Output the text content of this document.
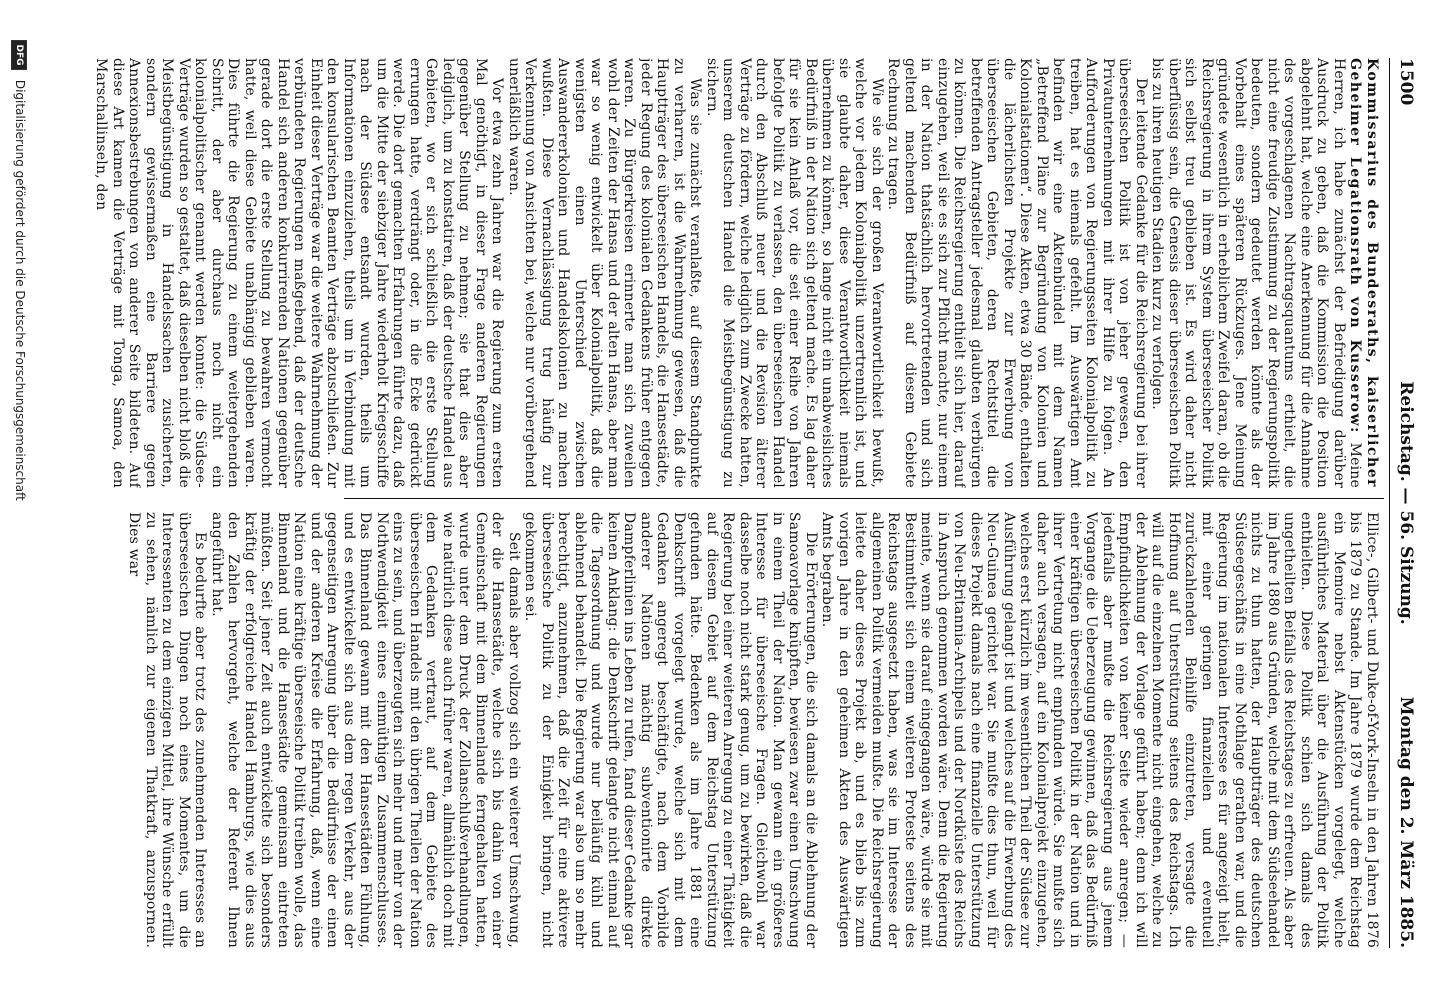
1500
Reichstag. — 56. Sitzung.
Montag den 2. März 1885.

Kommissarius des Bundesraths, kaiserlicher Geheimer Legationsrath von Kusserow: Meine Herren, ich habe zunächst der Befriedigung darüber Ausdruck zu geben, daß die Kommission die Position abgelehnt hat, welche eine Anerkennung für die Annahme des vorgeschlagenen Nachtragsquantums erthielt, die nicht eine freudige Zustimmung zu der Regierungspolitik bedeuten, sondern gedeutet werden könnte als der Vorbehalt eines späteren Rückzuges. Jene Meinung gründete wesentlich in erheblichem Zweifel daran, ob die Reichsregierung in ihrem System überseeischer Politik sich selbst treu geblieben ist. Es wird daher nicht überflüssig sein, die Genesis dieser überseeischen Politik bis zu ihren heutigen Stadien kurz zu verfolgen.

Der leitende Gedanke für die Reichsregierung bei ihrer überseeischen Politik ist von jeher gewesen, den Privatunternehmungen mit ihrer Hilfe zu folgen. An Aufforderungen von Regierungsseiten Kolonialpolitik zu treiben, hat es niemals gefehlt. Im Auswärtigen Amt befinden wir eine Aktenbündel mit dem Namen „Betreffend Pläne zur Begründung von Kolonien und Kolonialstationen“. Diese Akten, etwa 30 Bände, enthalten die lächerlichsten Projekte zur Erwerbung von überseeischen Gebieten, deren Rechtstitel die betreffenden Antragsteller jedesmal glaubten verbürgen zu können. Die Reichsregierung enthielt sich hier, darauf einzugehen, weil sie es sich zur Pflicht machte, nur einem in der Nation thatsächlich hervortretenden und sich geltend machenden Bedürfniß auf diesem Gebiete Rechnung zu tragen.

Wie sie sich der großen Verantwortlichkeit bewußt, welche vor jedem Kolonialpolitik unzertrennlich ist, und sie glaubte daher, diese Verantwortlichkeit niemals übernehmen zu können, so lange nicht ein unabweisliches Bedürfniß in der Nation sich geltend mache. Es lag daher für sie kein Anlaß vor, die seit einer Reihe von Jahren befolgte Politik zu verlassen, den überseeischen Handel durch den Abschluß neuer und die Revision älterer Verträge zu fördern, welche lediglich zum Zwecke hatten, unserem deutschen Handel die Meistbegünstigung zu sichern.

Was sie zunächst veranlaßte, auf diesem Standpunkte zu verharren, ist die Wahrnehmung gewesen, daß die Hauptträger des überseeischen Handels, die Hansestädte, jeder Regung des kolonialen Gedankens früher entgegen waren. Zu Bürgerkreisen erinnerte man sich zuweilen wohl der Zeiten der Hansa und der alten Hansa, aber man war so wenig entwickelt über Kolonialpolitik, daß die wenigsten einen Unterschied zwischen Auswandererkolonien und Handelskolonien zu machen wußten. Diese Vernachlässigung trug häufig zur Verkennung von Ansichten bei, welche nur vorübergehend unerläßlich waren.

Vor etwa zehn Jahren war die Regierung zum ersten Mal genöthigt, in dieser Frage anderen Regierungen gegenüber Stellung zu nehmen; sie that dies aber lediglich, um zu konstatiren, daß der deutsche Handel aus Gebieten, wo er sich schließlich die erste Stellung errungen hatte, verdrängt oder, in die Ecke gedrückt werde. Die dort gemachten Erfahrungen führte dazu, daß um die Mitte der siebziger Jahre wiederholt Kriegsschiffe nach der Südsee entsandt wurden, theils um Informationen einzuziehen, theils um in Verbindung mit den konsularischen Beamten Verträge abzuschließen. Zur Einheit dieser Verträge war die weitere Wahrnehmung der verbündeten Regierungen maßgebend, daß der deutsche Handel sich anderen konkurrirenden Nationen gegenüber gerade dort die erste Stellung zu bewahren vermocht hatte, weil diese Gebiete unabhängig geblieben waren. Dies führte die Regierung zu einem weitergehenden Schritt, der aber durchaus noch nicht ein kolonialpolitischer genannt werden konnte: die Südsee-Verträge wurden so gestaltet, daß dieselben nicht bloß die Meistbegünstigung in Handelssachen zusicherten, sondern gewissermaßen eine Barriere gegen Annexionsbestrebungen von anderer Seite bildeten. Auf diese Art kamen die Verträge mit Tonga, Samoa, den Marschallinseln, den

Ellice-, Gilbert- und Duke-of-York-Inseln in den Jahren 1876 bis 1879 zu Stande. Im Jahre 1879 wurde dem Reichstag ein Memoire nebst Aktenstücken vorgelegt, welche ausführliches Material über die Ausführung der Politik enthielten. Diese Politik schien sich damals des ungetheilten Beifalls des Reichstages zu erfreuen. Als aber im Jahre 1880 aus Gründen, welche mit dem Südseehandel nichts zu thun hatten, der Hauptträger des deutschen Südseegeschäfts in eine Nothlage gerathen war, und die Regierung im nationalen Interesse es für angezeigt hielt, mit einer geringen finanziellen und eventuell zurückzahlenden Beihilfe einzutreten, versagte die Hoffnung auf Unterstützung seitens des Reichstags. Ich will auf die einzelnen Momente nicht eingehen, welche zu der Ablehnung der Vorlage geführt haben; denn ich will Empfindlichkeiten von keiner Seite wieder anregen; — jedenfalls aber mußte die Reichsregierung aus jenem Vorgange die Ueberzeugung gewinnen, daß das Bedürfniß einer kräftigen überseeischen Politik in der Nation und in ihrer Vertretung nicht empfunden würde. Sie mußte sich daher auch versagen, auf ein Kolonialprojekt einzugehen, welches erst kürzlich im wesentlichen Theil der Südsee zur Ausführung gelangt ist und welches auf die Erwerbung des Neu-Guinea gerichtet war. Sie mußte dies thun, weil für dieses Projekt damals nach eine finanzielle Unterstützung von Neu-Britannia-Archipels und der Nordküste des Reichs in Anspruch genommen worden wäre. Denn die Regierung meinte, wenn sie darauf eingegangen wäre, würde sie mit Bestimmtheit sich einem weiteren Proteste seitens des Reichstags ausgesetzt haben, was sie im Interesse der allgemeinen Politik vermeiden mußte. Die Reichsregierung leitete daher dieses Projekt ab, und es blieb bis zum vorigen Jahre in den geheimen Akten des Auswärtigen Amts begraben.

Die Erörterungen, die sich damals an die Ablehnung der Samoavorlage knüpften, bewiesen zwar einen Umschwung in einem Theil der Nation. Man gewann ein größeres Interesse für überseeische Fragen. Gleichwohl war dasselbe noch nicht stark genug, um zu bewirken, daß die Regierung bei einer weiteren Anregung zu einer Thätigkeit auf diesem Gebiet auf dem Reichstag Unterstützung gefunden hätte. Bedenken als im Jahre 1881 eine Denkschrift vorgelegt wurde, welche sich mit dem Gedanken angeregt beschäftigte, nach dem Vorbilde anderer Nationen mächtig subventionirte direkte Dampferlinien ins Leben zu rufen, fand dieser Gedanke gar keinen Anklang: die Denkschrift gelangte nicht einmal auf die Tagesordnung und wurde nur beiläufig kühl und ablehnend behandelt. Die Regierung war also um so mehr berechtigt, anzunehmen, daß die Zeit für eine aktivere überseeische Politik zu der Einigkeit bringen, nicht gekommen sei.

Seit damals aber vollzog sich ein weiterer Umschwung, der die Hansestädte, welche sich bis dahin von einer Gemeinschaft mit dem Binnenlande ferngehalten hatten, wurde unter dem Druck der Zollanschlußverhandlungen, wie natürlich diese auch früher waren, allmählich doch mit dem Gedanken vertraut, auf dem Gebiete des überseeischen Handels mit den übrigen Theilen der Nation eins zu sein, und überzeugten sich mehr und mehr von der Nothwendigkeit eines einmüthigen Zusammenschlusses. Das Binnenland gewann mit den Hansestädten Fühlung, und es entwickelte sich aus dem regen Verkehr, aus der gegenseitigen Anregung über die Bedürfnisse der einen und der anderen Kreise die Erfahrung, daß, wenn eine Nation eine kräftige überseeische Politik treiben wolle, das Binnenland und die Hansestädte gemeinsam eintreten müßten. Seit jener Zeit auch entwickelte sich besonders kräftig der erfolgreiche Handel Hamburgs, wie dies aus den Zahlen hervorgeht, welche der Referent Ihnen angeführt hat.

Es bedurfte aber trotz des zunehmenden Interesses an überseeischen Dingen noch eines Momentes, um die Interessenten zu dem einzigen Mittel, ihre Wünsche erfüllt zu sehen, nämlich zur eigenen Thatkraft, anzuspornen. Dies war

DFG Digitalisierung gefördert durch die Deutsche Forschungsgemeinschaft
